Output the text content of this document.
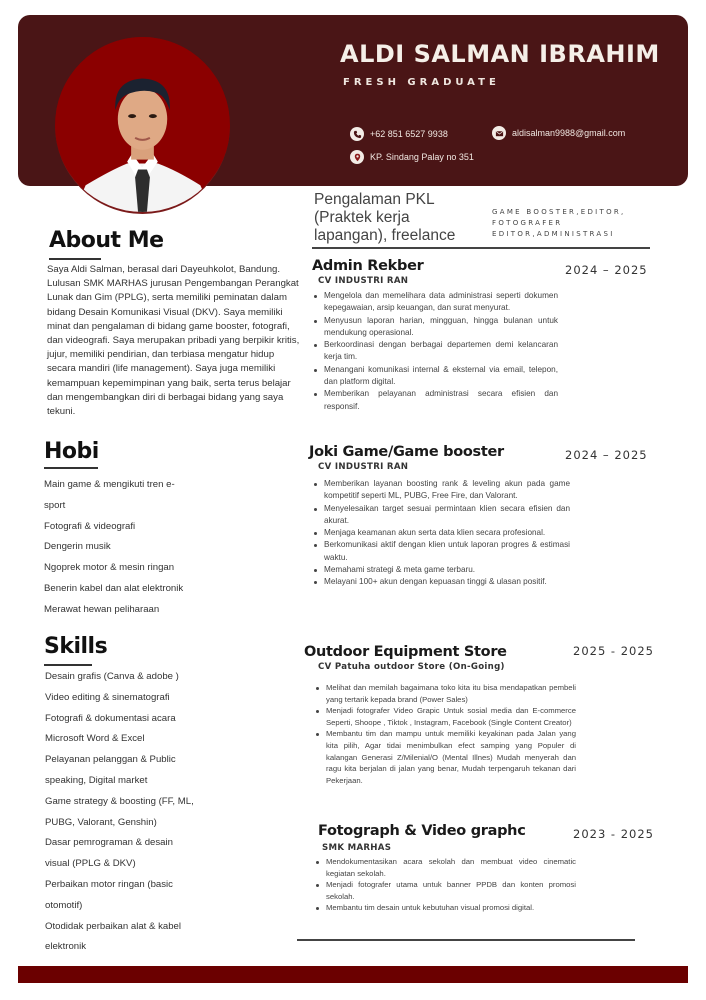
ALDI SALMAN IBRAHIM
FRESH GRADUATE
+62 851 6527 9938	aldisalman9988@gmail.com
KP. Sindang Palay no 351
About Me

Saya Aldi Salman, berasal dari Dayeuhkolot, Bandung. Lulusan SMK MARHAS jurusan Pengembangan Perangkat Lunak dan Gim (PPLG), serta memiliki peminatan dalam bidang Desain Komunikasi Visual (DKV). Saya memiliki minat dan pengalaman di bidang game booster, fotografi, dan videografi. Saya merupakan pribadi yang berpikir kritis, jujur, memiliki pendirian, dan terbiasa mengatur hidup secara mandiri (life management). Saya juga memiliki kemampuan kepemimpinan yang baik, serta terus belajar dan mengembangkan diri di berbagai bidang yang saya tekuni.

Hobi
Main game & mengikuti tren e-
sport
Fotografi & videografi
Dengerin musik
Ngoprek motor & mesin ringan
Benerin kabel dan alat elektronik
Merawat hewan peliharaan
Skills
Desain grafis (Canva & adobe )
Video editing & sinematografi
Fotografi & dokumentasi acara
Microsoft Word & Excel
Pelayanan pelanggan & Public
speaking, Digital market
Game strategy & boosting (FF, ML,
PUBG, Valorant, Genshin)
Dasar pemrograman & desain
visual (PPLG & DKV)
Perbaikan motor ringan (basic
otomotif)
Otodidak perbaikan alat & kabel
elektronik
Pengalaman PKL (Praktek kerja lapangan), freelance
GAME BOOSTER,EDITOR,
FOTOGRAFER
EDITOR,ADMINISTRASI
Admin Rekber
CV INDUSTRI RAN
2024 – 2025
Mengelola dan memelihara data administrasi seperti dokumen kepegawaian, arsip keuangan, dan surat menyurat.
Menyusun laporan harian, mingguan, hingga bulanan untuk mendukung operasional.
Berkoordinasi dengan berbagai departemen demi kelancaran kerja tim.
Menangani komunikasi internal & eksternal via email, telepon, dan platform digital.
Memberikan pelayanan administrasi secara efisien dan responsif.
Joki Game/Game booster
CV INDUSTRI RAN
2024 – 2025
Memberikan layanan boosting rank & leveling akun pada game kompetitif seperti ML, PUBG, Free Fire, dan Valorant.
Menyelesaikan target sesuai permintaan klien secara efisien dan akurat.
Menjaga keamanan akun serta data klien secara profesional.
Berkomunikasi aktif dengan klien untuk laporan progres & estimasi waktu.
Memahami strategi & meta game terbaru.
Melayani 100+ akun dengan kepuasan tinggi & ulasan positif.
Outdoor Equipment Store
CV Patuha outdoor Store (On-Going)
2025 - 2025
Melihat dan memilah bagaimana toko kita itu bisa mendapatkan pembeli yang tertarik kepada brand (Power Sales)
Menjadi fotografer Video Grapic Untuk sosial media dan E-commerce Seperti, Shoope , Tiktok , Instagram, Facebook (Single Content Creator)
Membantu tim dan mampu untuk memiliki keyakinan pada Jalan yang kita pilih, Agar tidai menimbulkan efect samping yang Populer di kalangan Generasi Z/Milenial/O (Mental Illnes) Mudah menyerah dan ragu kita berjalan di jalan yang benar, Mudah terpengaruh tekanan dari Pekerjaan.
Fotograph & Video graphc
SMK MARHAS
2023 - 2025
Mendokumentasikan acara sekolah dan membuat video cinematic kegiatan sekolah.
Menjadi fotografer utama untuk banner PPDB dan konten promosi sekolah.
Membantu tim desain untuk kebutuhan visual promosi digital.
